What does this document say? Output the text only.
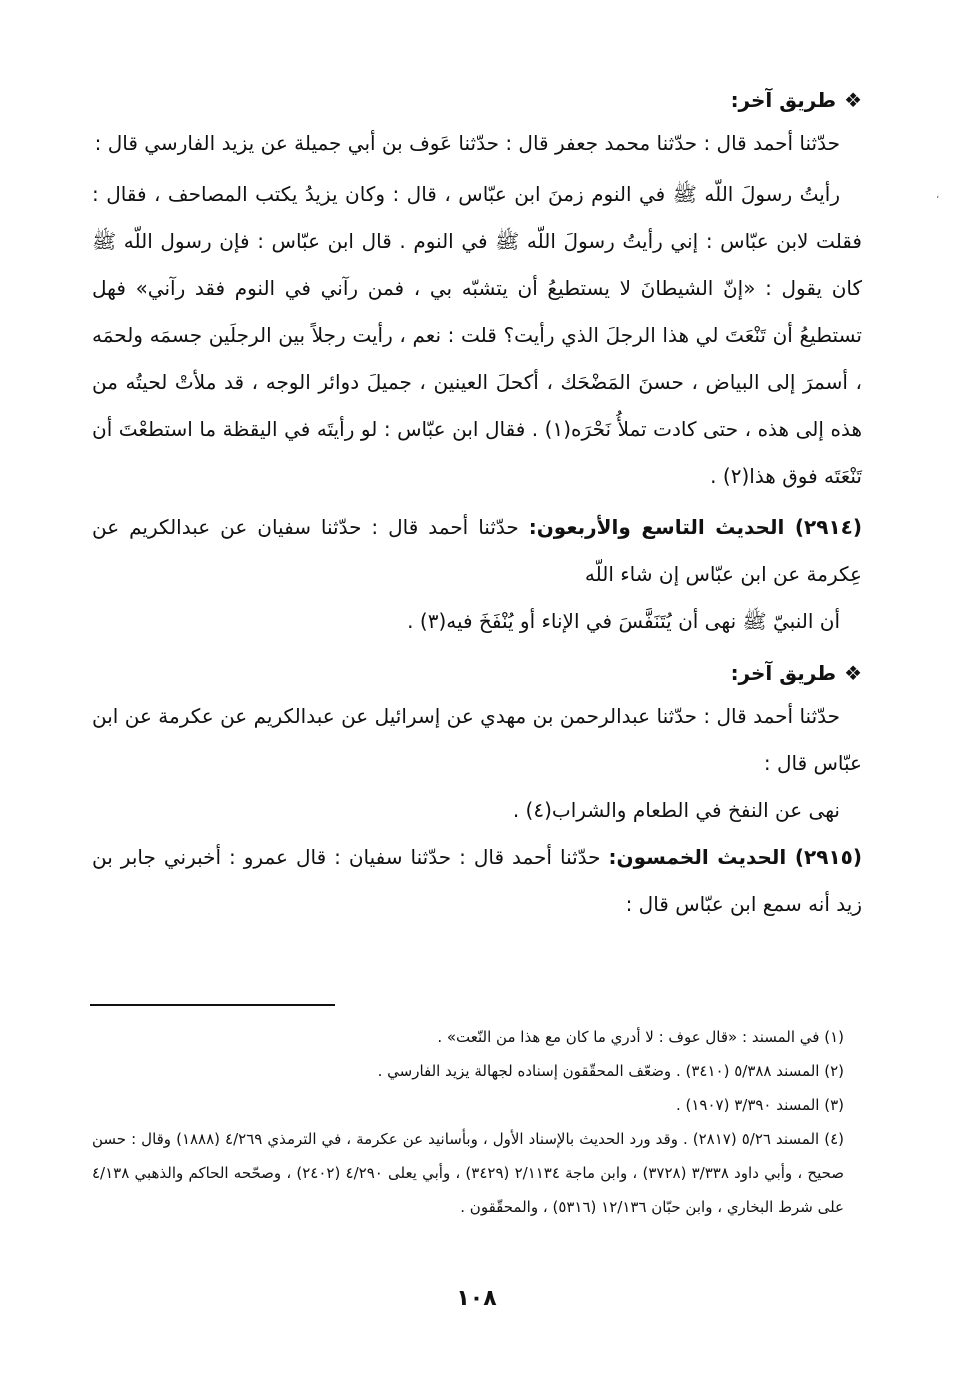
❖طريق آخر:

حدّثنا أحمد قال : حدّثنا محمد جعفر قال : حدّثنا عَوف بن أبي جميلة عن يزيد الفارسي قال :

رأيتُ رسولَ اللّه ﷺ في النوم زمنَ ابن عبّاس ، قال : وكان يزيدُ يكتب المصاحف ، فقال : فقلت لابن عبّاس : إني رأيتُ رسولَ اللّه ﷺ في النوم . قال ابن عبّاس : فإن رسول اللّه ﷺ كان يقول : «إنّ الشيطانَ لا يستطيعُ أن يتشبّه بي ، فمن رآني في النوم فقد رآني» فهل تستطيعُ أن تَنْعَتَ لي هذا الرجلَ الذي رأيت؟ قلت : نعم ، رأيت رجلاً بين الرجلَين جسمَه ولحمَه ، أسمرَ إلى البياض ، حسنَ المَضْحَك ، أكحلَ العينين ، جميلَ دوائر الوجه ، قد ملأتْ لحيتُه من هذه إلى هذه ، حتى كادت تملأُ نَحْرَه(١) . فقال ابن عبّاس : لو رأيتَه في اليقظة ما استطعْتَ أن تَنْعَتَه فوق هذا(٢) .

(٢٩١٤) الحديث التاسع والأربعون: حدّثنا أحمد قال : حدّثنا سفيان عن عبدالكريم عن عِكرمة عن ابن عبّاس إن شاء اللّه

أن النبيّ ﷺ نهى أن يُتَنَفَّسَ في الإناء أو يُنْفَخَ فيه(٣) .

❖طريق آخر:

حدّثنا أحمد قال : حدّثنا عبدالرحمن بن مهدي عن إسرائيل عن عبدالكريم عن عكرمة عن ابن عبّاس قال :

نهى عن النفخ في الطعام والشراب(٤) .

(٢٩١٥) الحديث الخمسون: حدّثنا أحمد قال : حدّثنا سفيان : قال عمرو : أخبرني جابر بن زيد أنه سمع ابن عبّاس قال :

(١) في المسند : «قال عوف : لا أدري ما كان مع هذا من النّعت» .

(٢) المسند ٥/٣٨٨ (٣٤١٠) . وضعّف المحقّقون إسناده لجهالة يزيد الفارسي .

(٣) المسند ٣/٣٩٠ (١٩٠٧) .

(٤) المسند ٥/٢٦ (٢٨١٧) . وقد ورد الحديث بالإسناد الأول ، وبأسانيد عن عكرمة ، في الترمذي ٤/٢٦٩ (١٨٨٨) وقال : حسن صحيح ، وأبي داود ٣/٣٣٨ (٣٧٢٨) ، وابن ماجة ٢/١١٣٤ (٣٤٢٩) ، وأبي يعلى ٤/٢٩٠ (٢٤٠٢) ، وصحّحه الحاكم والذهبي ٤/١٣٨ على شرط البخاري ، وابن حبّان ١٢/١٣٦ (٥٣١٦) ، والمحقّقون .

١٠٨
،
